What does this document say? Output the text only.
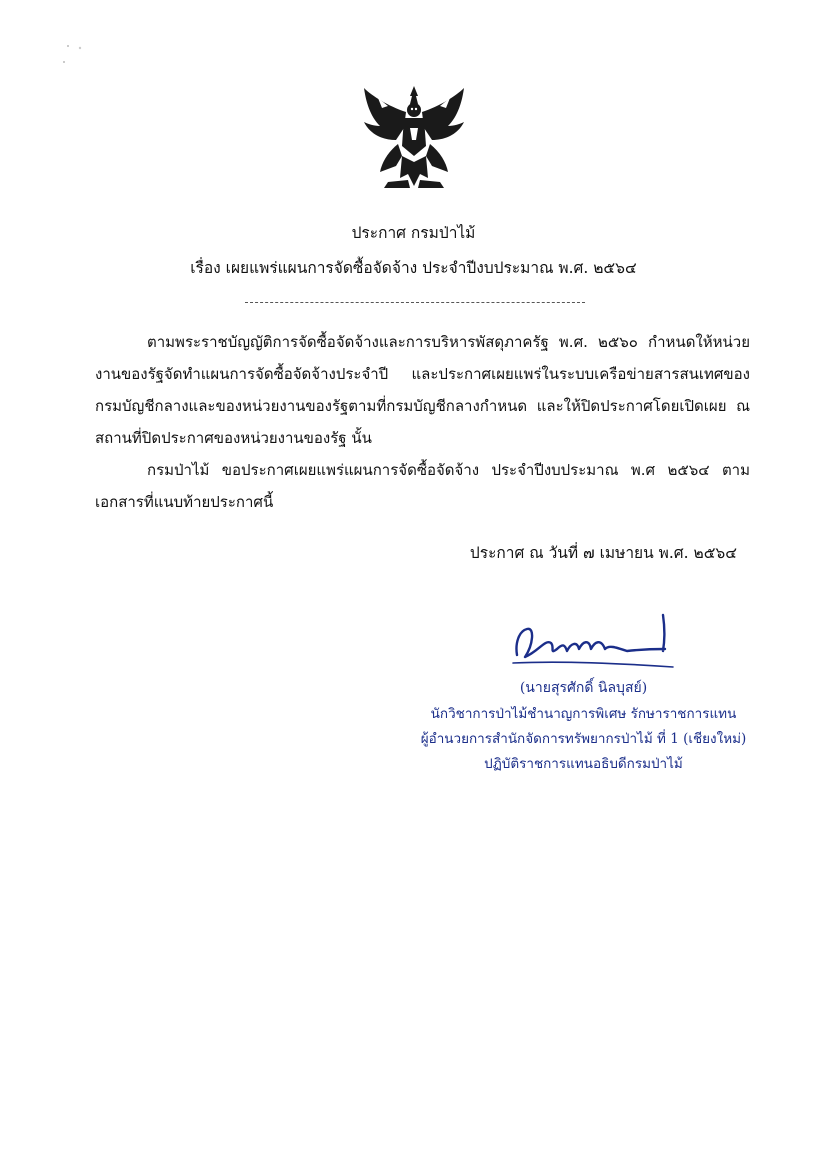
ประกาศ กรมป่าไม้
เรื่อง เผยแพร่แผนการจัดซื้อจัดจ้าง ประจำปีงบประมาณ พ.ศ. ๒๕๖๔

ตามพระราชบัญญัติการจัดซื้อจัดจ้างและการบริหารพัสดุภาครัฐ พ.ศ. ๒๕๖๐ กำหนดให้หน่วยงานของรัฐจัดทำแผนการจัดซื้อจัดจ้างประจำปี และประกาศเผยแพร่ในระบบเครือข่ายสารสนเทศของกรมบัญชีกลางและของหน่วยงานของรัฐตามที่กรมบัญชีกลางกำหนด และให้ปิดประกาศโดยเปิดเผย ณ สถานที่ปิดประกาศของหน่วยงานของรัฐ นั้น

กรมป่าไม้ ขอประกาศเผยแพร่แผนการจัดซื้อจัดจ้าง ประจำปีงบประมาณ พ.ศ ๒๕๖๔ ตามเอกสารที่แนบท้ายประกาศนี้

ประกาศ ณ วันที่ ๗ เมษายน พ.ศ. ๒๕๖๔
(นายสุรศักดิ์ นิลบุสย์)
นักวิชาการป่าไม้ชำนาญการพิเศษ รักษาราชการแทน
ผู้อำนวยการสำนักจัดการทรัพยากรป่าไม้ ที่ 1 (เชียงใหม่)
ปฏิบัติราชการแทนอธิบดีกรมป่าไม้
